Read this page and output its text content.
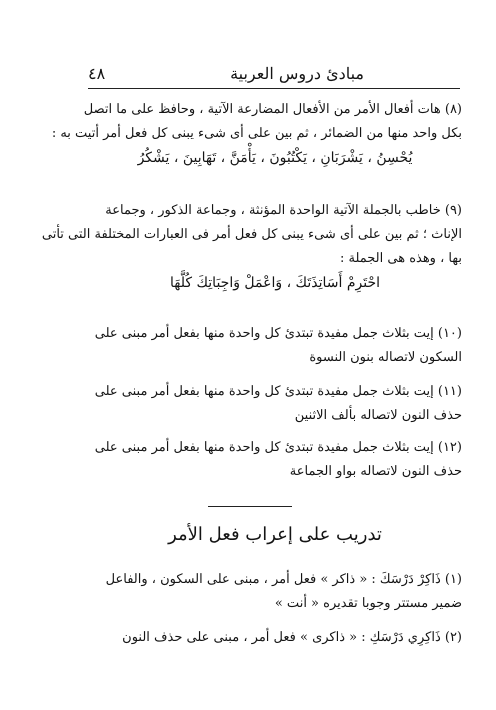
٤٨	مبادئ دروس العربية
(٨) هات أفعال الأمر من الأفعال المضارعة الآتية ، وحافظ على ما اتصل
بكل واحد منها من الضمائر ، ثم بين على أى شىء يبنى كل فعل أمر أتيت به :
يُحْسِنُ ، يَشْرَبَانِ ، يَكْتُبُونَ ، يَأْمَنَّ ، تَهَابِينَ ، يَشْكُرُ
(٩) خاطب بالجملة الآتية الواحدة المؤنثة ، وجماعة الذكور ، وجماعة
الإناث ؛ ثم بين على أى شىء يبنى كل فعل أمر فى العبارات المختلفة التى تأتى
بها ، وهذه هى الجملة :
احْتَرِمْ أَسَاتِذَتَكَ ، وَاعْمَلْ وَاجِبَاتِكَ كُلَّهَا
(١٠) إيت بثلاث جمل مفيدة تبتدئ كل واحدة منها بفعل أمر مبنى على
السكون لاتصاله بنون النسوة
(١١) إيت بثلاث جمل مفيدة تبتدئ كل واحدة منها بفعل أمر مبنى على
حذف النون لاتصاله بألف الاثنين
(١٢) إيت بثلاث جمل مفيدة تبتدئ كل واحدة منها بفعل أمر مبنى على
حذف النون لاتصاله بواو الجماعة
تدريب على إعراب فعل الأمر
(١) ذَاكِرْ دَرْسَكَ : « ذاكر » فعل أمر ، مبنى على السكون ، والفاعل
ضمير مستتر وجوبا تقديره « أنت »
(٢) ذَاكِرِي دَرْسَكِ : « ذاكرى » فعل أمر ، مبنى على حذف النون
